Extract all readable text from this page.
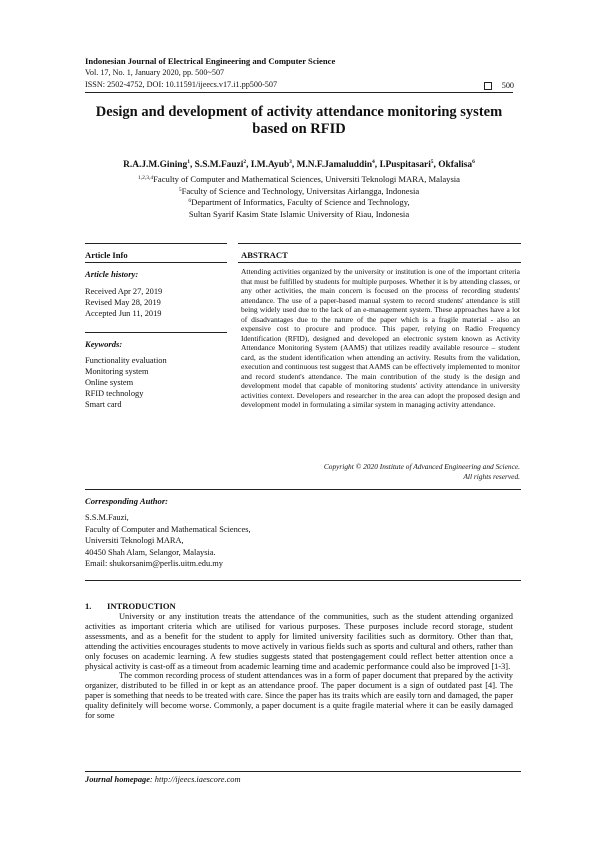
Indonesian Journal of Electrical Engineering and Computer Science
Vol. 17, No. 1, January 2020, pp. 500~507
ISSN: 2502-4752, DOI: 10.11591/ijeecs.v17.i1.pp500-507	500
Design and development of activity attendance monitoring system based on RFID
R.A.J.M.Gining$^1$, S.S.M.Fauzi$^2$, I.M.Ayub$^3$, M.N.F.Jamaluddin$^4$, I.Puspitasari$^5$, Okfalisa$^6$
$^{1,2,3,4}$Faculty of Computer and Mathematical Sciences, Universiti Teknologi MARA, Malaysia
$^5$Faculty of Science and Technology, Universitas Airlangga, Indonesia
$^6$Department of Informatics, Faculty of Science and Technology,
Sultan Syarif Kasim State Islamic University of Riau, Indonesia
Article Info	ABSTRACT
Article history:
Received Apr 27, 2019
Revised May 28, 2019
Accepted Jun 11, 2019
Keywords:
Functionality evaluation
Monitoring system
Online system
RFID technology
Smart card
Attending activities organized by the university or institution is one of the important criteria that must be fulfilled by students for multiple purposes. Whether it is by attending classes, or any other activities, the main concern is focused on the process of recording students' attendance. The use of a paper-based manual system to record students' attendance is still being widely used due to the lack of an e-management system. These approaches have a lot of disadvantages due to the nature of the paper which is a fragile material - also an expensive cost to procure and produce. This paper, relying on Radio Frequency Identification (RFID), designed and developed an electronic system known as Activity Attendance Monitoring System (AAMS) that utilizes readily available resource – student card, as the student identification when attending an activity. Results from the validation, execution and continuous test suggest that AAMS can be effectively implemented to monitor and record student's attendance. The main contribution of the study is the design and development model that capable of monitoring students' activity attendance in university activities context. Developers and researcher in the area can adopt the proposed design and development model in formulating a similar system in managing activity attendance.
Copyright © 2020 Institute of Advanced Engineering and Science.
All rights reserved.
Corresponding Author:
S.S.M.Fauzi,
Faculty of Computer and Mathematical Sciences,
Universiti Teknologi MARA,
40450 Shah Alam, Selangor, Malaysia.
Email: shukorsanim@perlis.uitm.edu.my
1. INTRODUCTION

University or any institution treats the attendance of the communities, such as the student attending organized activities as important criteria which are utilised for various purposes. These purposes include record storage, student assessments, and as a benefit for the student to apply for limited university facilities such as dormitory. Other than that, attending the activities encourages students to move actively in various fields such as sports and cultural and others, rather than only focuses on academic learning. A few studies suggests stated that postengagement could reflect better attention once a physical activity is cast-off as a timeout from academic learning time and academic performance could also be improved [1-3].

The common recording process of student attendances was in a form of paper document that prepared by the activity organizer, distributed to be filled in or kept as an attendance proof. The paper document is a sign of outdated past [4]. The paper is something that needs to be treated with care. Since the paper has its traits which are easily torn and damaged, the paper quality definitely will become worse. Commonly, a paper document is a quite fragile material where it can be easily damaged for some

Journal homepage: http://ijeecs.iaescore.com
